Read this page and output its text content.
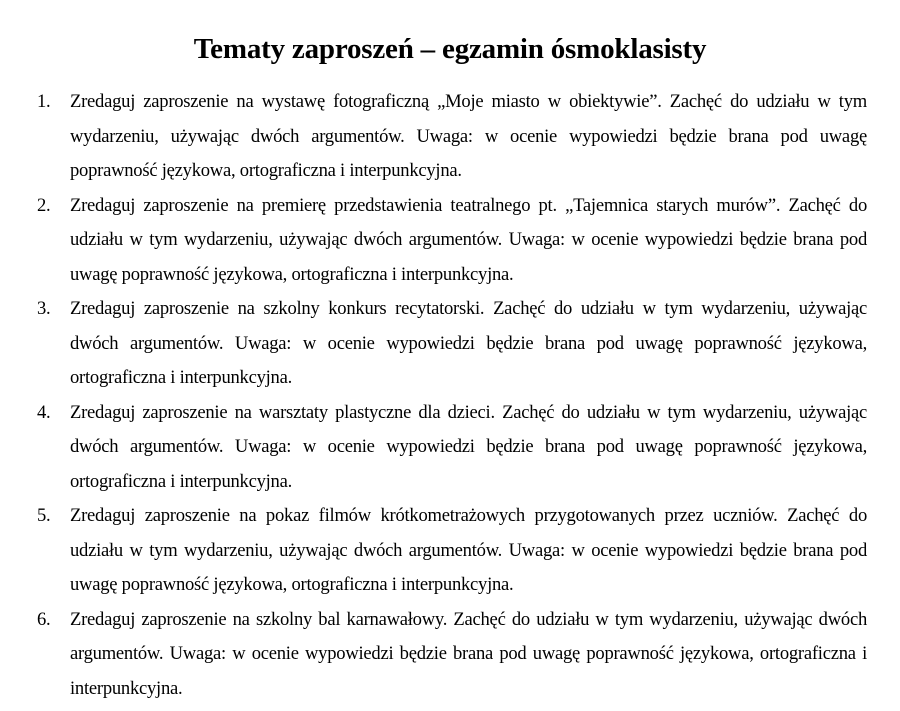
Tematy zaproszeń – egzamin ósmoklasisty
1.	Zredaguj zaproszenie na wystawę fotograficzną „Moje miasto w obiektywie”. Zachęć do udziału w tym wydarzeniu, używając dwóch argumentów. Uwaga: w ocenie wypowiedzi będzie brana pod uwagę poprawność językowa, ortograficzna i interpunkcyjna.
2.	Zredaguj zaproszenie na premierę przedstawienia teatralnego pt. „Tajemnica starych murów”. Zachęć do udziału w tym wydarzeniu, używając dwóch argumentów. Uwaga: w ocenie wypowiedzi będzie brana pod uwagę poprawność językowa, ortograficzna i interpunkcyjna.
3.	Zredaguj zaproszenie na szkolny konkurs recytatorski. Zachęć do udziału w tym wydarzeniu, używając dwóch argumentów. Uwaga: w ocenie wypowiedzi będzie brana pod uwagę poprawność językowa, ortograficzna i interpunkcyjna.
4.	Zredaguj zaproszenie na warsztaty plastyczne dla dzieci. Zachęć do udziału w tym wydarzeniu, używając dwóch argumentów. Uwaga: w ocenie wypowiedzi będzie brana pod uwagę poprawność językowa, ortograficzna i interpunkcyjna.
5.	Zredaguj zaproszenie na pokaz filmów krótkometrażowych przygotowanych przez uczniów. Zachęć do udziału w tym wydarzeniu, używając dwóch argumentów. Uwaga: w ocenie wypowiedzi będzie brana pod uwagę poprawność językowa, ortograficzna i interpunkcyjna.
6.	Zredaguj zaproszenie na szkolny bal karnawałowy. Zachęć do udziału w tym wydarzeniu, używając dwóch argumentów. Uwaga: w ocenie wypowiedzi będzie brana pod uwagę poprawność językowa, ortograficzna i interpunkcyjna.
